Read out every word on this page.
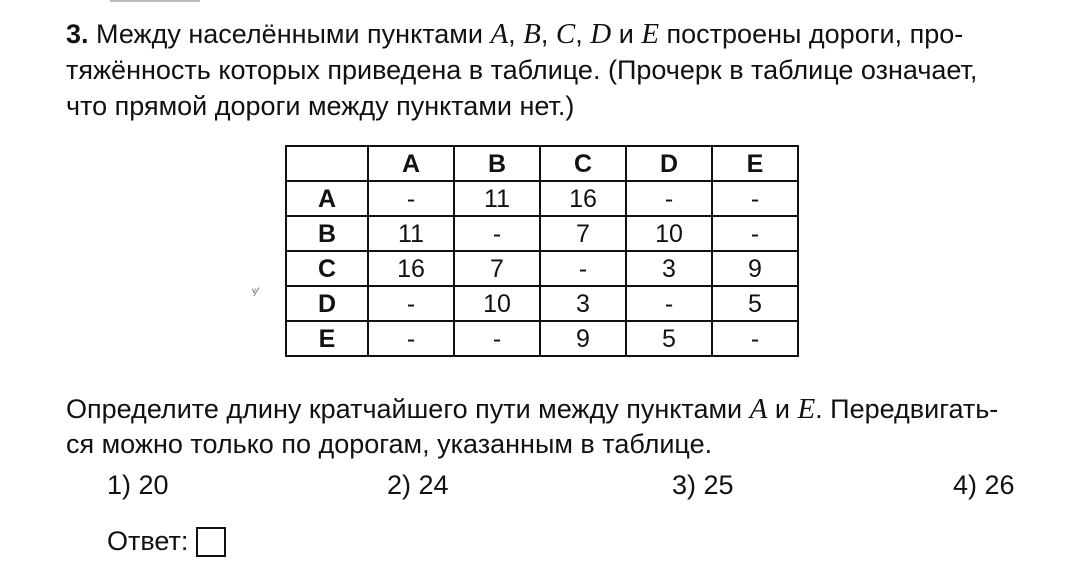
3. Между населёнными пунктами A, B, C, D и E построены дороги, про-
тяжённость которых приведена в таблице. (Прочерк в таблице означает,
что прямой дороги между пунктами нет.)
	A	B	C	D	E
A	-	11	16	-	-
B	11	-	7	10	-
C	16	7	-	3	9
D	-	10	3	-	5
E	-	-	9	5	-
ᵛ⁄
Определите длину кратчайшего пути между пунктами A и E. Передвигать-
ся можно только по дорогам, указанным в таблице.
1) 20	2) 24	3) 25	4) 26
Ответ:
